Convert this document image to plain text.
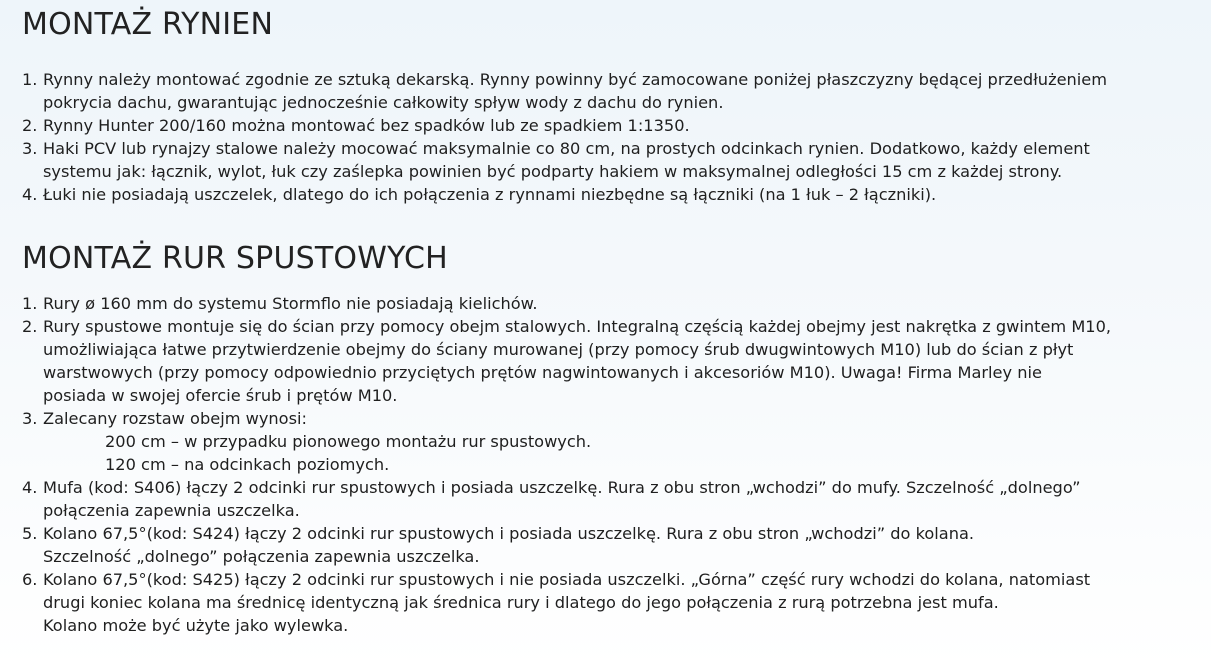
MONTAŻ RYNIEN
1. Rynny należy montować zgodnie ze sztuką dekarską. Rynny powinny być zamocowane poniżej płaszczyzny będącej przedłużeniem
pokrycia dachu, gwarantując jednocześnie całkowity spływ wody z dachu do rynien.
2. Rynny Hunter 200/160 można montować bez spadków lub ze spadkiem 1:1350.
3. Haki PCV lub rynajzy stalowe należy mocować maksymalnie co 80 cm, na prostych odcinkach rynien. Dodatkowo, każdy element
systemu jak: łącznik, wylot, łuk czy zaślepka powinien być podparty hakiem w maksymalnej odległości 15 cm z każdej strony.
4. Łuki nie posiadają uszczelek, dlatego do ich połączenia z rynnami niezbędne są łączniki (na 1 łuk – 2 łączniki).
MONTAŻ RUR SPUSTOWYCH
1. Rury ø 160 mm do systemu Stormflo nie posiadają kielichów.
2. Rury spustowe montuje się do ścian przy pomocy obejm stalowych. Integralną częścią każdej obejmy jest nakrętka z gwintem M10,
umożliwiająca łatwe przytwierdzenie obejmy do ściany murowanej (przy pomocy śrub dwugwintowych M10) lub do ścian z płyt
warstwowych (przy pomocy odpowiednio przyciętych prętów nagwintowanych i akcesoriów M10). Uwaga! Firma Marley nie
posiada w swojej ofercie śrub i prętów M10.
3. Zalecany rozstaw obejm wynosi:
200 cm – w przypadku pionowego montażu rur spustowych.
120 cm – na odcinkach poziomych.
4. Mufa (kod: S406) łączy 2 odcinki rur spustowych i posiada uszczelkę. Rura z obu stron „wchodzi” do mufy. Szczelność „dolnego”
połączenia zapewnia uszczelka.
5. Kolano 67,5°(kod: S424) łączy 2 odcinki rur spustowych i posiada uszczelkę. Rura z obu stron „wchodzi” do kolana.
Szczelność „dolnego” połączenia zapewnia uszczelka.
6. Kolano 67,5°(kod: S425) łączy 2 odcinki rur spustowych i nie posiada uszczelki. „Górna” część rury wchodzi do kolana, natomiast
drugi koniec kolana ma średnicę identyczną jak średnica rury i dlatego do jego połączenia z rurą potrzebna jest mufa.
Kolano może być użyte jako wylewka.
